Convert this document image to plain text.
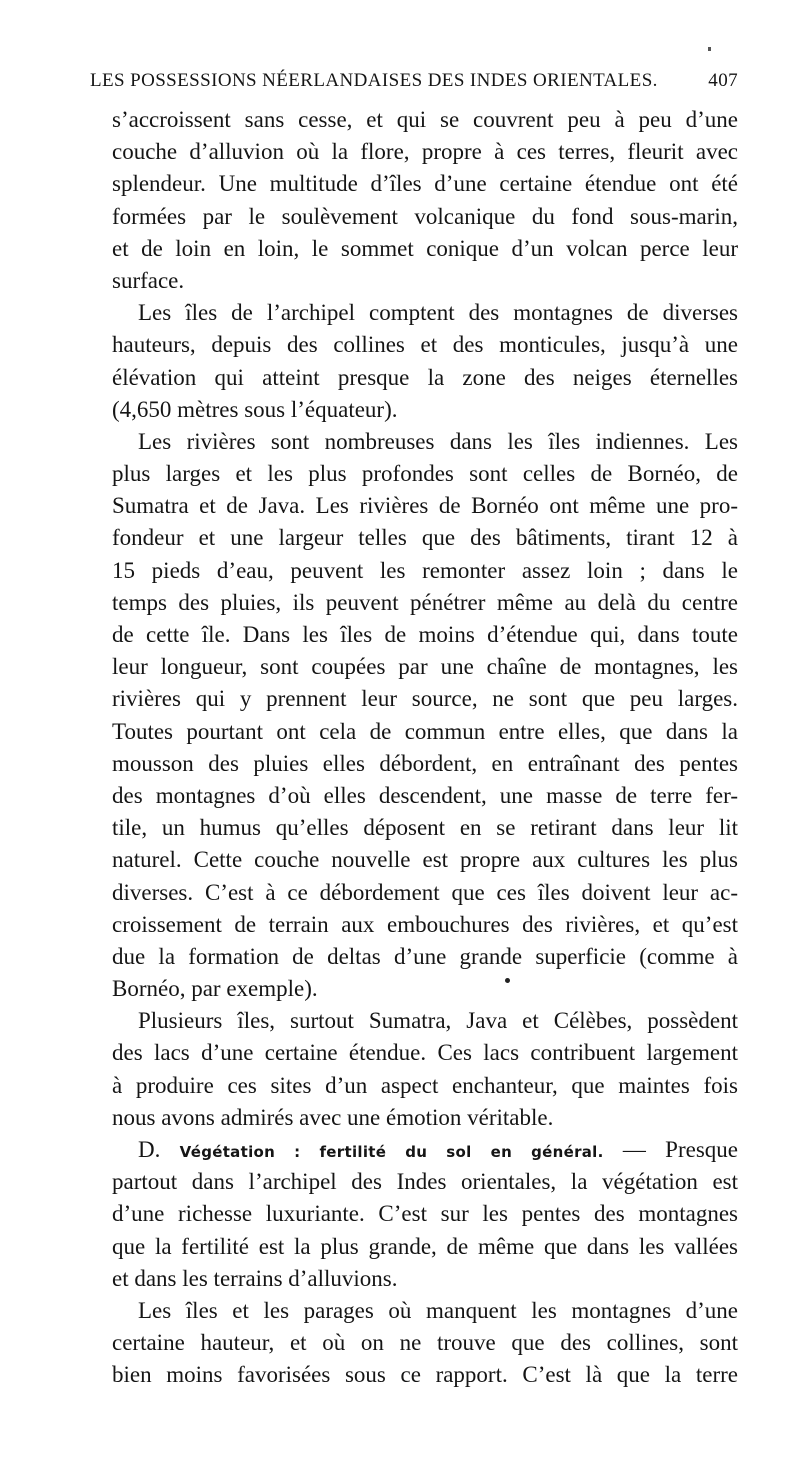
LES POSSESSIONS NÉERLANDAISES DES INDES ORIENTALES.	407
s’accroissent sans cesse, et qui se couvrent peu à peu d’une
couche d’alluvion où la flore, propre à ces terres, fleurit avec
splendeur. Une multitude d’îles d’une certaine étendue ont été
formées par le soulèvement volcanique du fond sous-marin,
et de loin en loin, le sommet conique d’un volcan perce leur
surface.
Les îles de l’archipel comptent des montagnes de diverses
hauteurs, depuis des collines et des monticules, jusqu’à une
élévation qui atteint presque la zone des neiges éternelles
(4,650 mètres sous l’équateur).
Les rivières sont nombreuses dans les îles indiennes. Les
plus larges et les plus profondes sont celles de Bornéo, de
Sumatra et de Java. Les rivières de Bornéo ont même une pro-
fondeur et une largeur telles que des bâtiments, tirant 12 à
15 pieds d’eau, peuvent les remonter assez loin ; dans le
temps des pluies, ils peuvent pénétrer même au delà du centre
de cette île. Dans les îles de moins d’étendue qui, dans toute
leur longueur, sont coupées par une chaîne de montagnes, les
rivières qui y prennent leur source, ne sont que peu larges.
Toutes pourtant ont cela de commun entre elles, que dans la
mousson des pluies elles débordent, en entraînant des pentes
des montagnes d’où elles descendent, une masse de terre fer-
tile, un humus qu’elles déposent en se retirant dans leur lit
naturel. Cette couche nouvelle est propre aux cultures les plus
diverses. C’est à ce débordement que ces îles doivent leur ac-
croissement de terrain aux embouchures des rivières, et qu’est
due la formation de deltas d’une grande superficie (comme à
Bornéo, par exemple).
Plusieurs îles, surtout Sumatra, Java et Célèbes, possèdent
des lacs d’une certaine étendue. Ces lacs contribuent largement
à produire ces sites d’un aspect enchanteur, que maintes fois
nous avons admirés avec une émotion véritable.
D. Végétation : fertilité du sol en général. — Presque
partout dans l’archipel des Indes orientales, la végétation est
d’une richesse luxuriante. C’est sur les pentes des montagnes
que la fertilité est la plus grande, de même que dans les vallées
et dans les terrains d’alluvions.
Les îles et les parages où manquent les montagnes d’une
certaine hauteur, et où on ne trouve que des collines, sont
bien moins favorisées sous ce rapport. C’est là que la terre
